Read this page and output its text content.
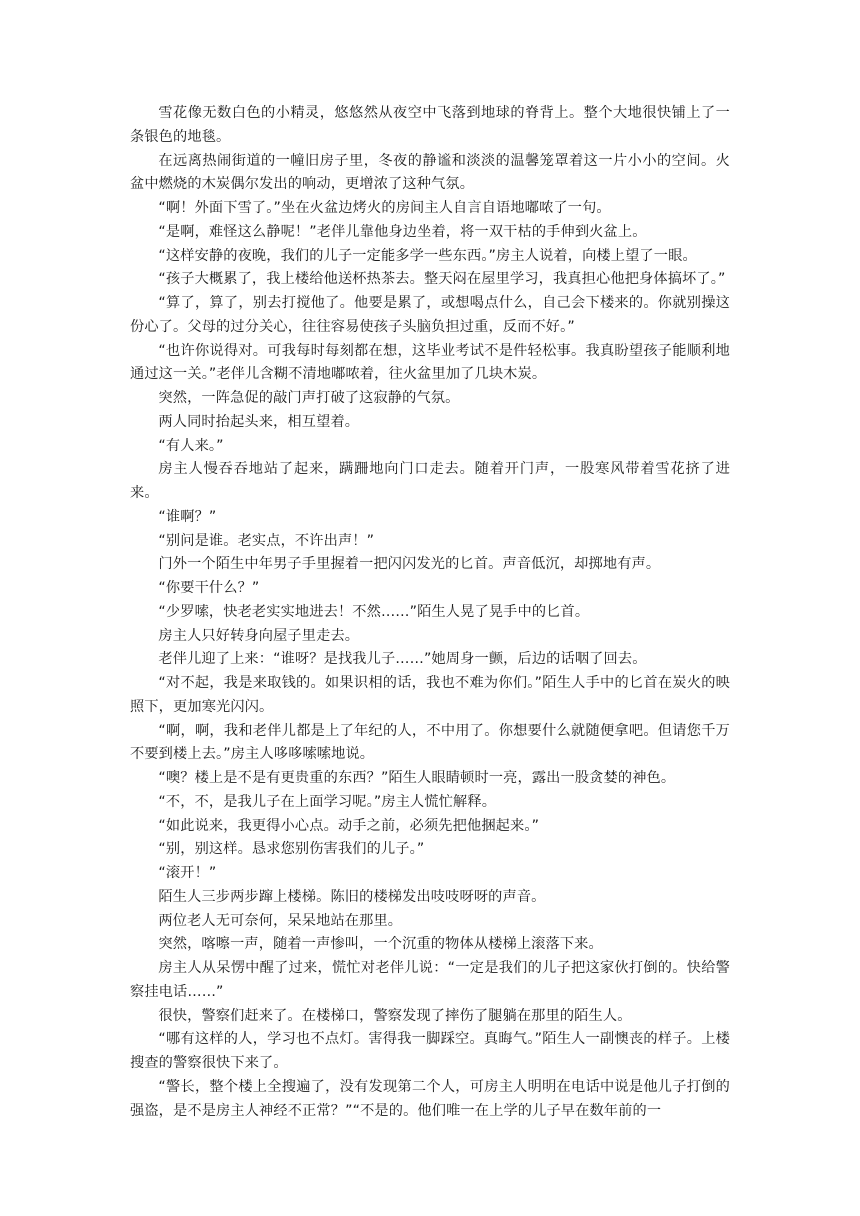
雪花像无数白色的小精灵，悠悠然从夜空中飞落到地球的脊背上。整个大地很快铺上了一条银色的地毯。

在远离热闹街道的一幢旧房子里，冬夜的静谧和淡淡的温馨笼罩着这一片小小的空间。火盆中燃烧的木炭偶尔发出的响动，更增浓了这种气氛。

“啊！外面下雪了。”坐在火盆边烤火的房间主人自言自语地嘟哝了一句。

“是啊，难怪这么静呢！”老伴儿靠他身边坐着，将一双干枯的手伸到火盆上。

“这样安静的夜晚，我们的儿子一定能多学一些东西。”房主人说着，向楼上望了一眼。

“孩子大概累了，我上楼给他送杯热茶去。整天闷在屋里学习，我真担心他把身体搞坏了。”

“算了，算了，别去打搅他了。他要是累了，或想喝点什么，自己会下楼来的。你就别操这份心了。父母的过分关心，往往容易使孩子头脑负担过重，反而不好。”

“也许你说得对。可我每时每刻都在想，这毕业考试不是件轻松事。我真盼望孩子能顺利地通过这一关。”老伴儿含糊不清地嘟哝着，往火盆里加了几块木炭。

突然，一阵急促的敲门声打破了这寂静的气氛。

两人同时抬起头来，相互望着。

“有人来。”

房主人慢吞吞地站了起来，蹒跚地向门口走去。随着开门声，一股寒风带着雪花挤了进来。

“谁啊？”

“别问是谁。老实点，不许出声！”

门外一个陌生中年男子手里握着一把闪闪发光的匕首。声音低沉，却掷地有声。

“你要干什么？”

“少罗嗦，快老老实实地进去！不然……”陌生人晃了晃手中的匕首。

房主人只好转身向屋子里走去。

老伴儿迎了上来：“谁呀？是找我儿子……”她周身一颤，后边的话咽了回去。

“对不起，我是来取钱的。如果识相的话，我也不难为你们。”陌生人手中的匕首在炭火的映照下，更加寒光闪闪。

“啊，啊，我和老伴儿都是上了年纪的人，不中用了。你想要什么就随便拿吧。但请您千万不要到楼上去。”房主人哆哆嗦嗦地说。

“噢？楼上是不是有更贵重的东西？”陌生人眼睛顿时一亮，露出一股贪婪的神色。

“不，不，是我儿子在上面学习呢。”房主人慌忙解释。

“如此说来，我更得小心点。动手之前，必须先把他捆起来。”

“别，别这样。恳求您别伤害我们的儿子。”

“滚开！”

陌生人三步两步蹿上楼梯。陈旧的楼梯发出吱吱呀呀的声音。

两位老人无可奈何，呆呆地站在那里。

突然，喀嚓一声，随着一声惨叫，一个沉重的物体从楼梯上滚落下来。

房主人从呆愣中醒了过来，慌忙对老伴儿说：“一定是我们的儿子把这家伙打倒的。快给警察挂电话……”

很快，警察们赶来了。在楼梯口，警察发现了摔伤了腿躺在那里的陌生人。

“哪有这样的人，学习也不点灯。害得我一脚踩空。真晦气。”陌生人一副懊丧的样子。上楼搜查的警察很快下来了。

“警长，整个楼上全搜遍了，没有发现第二个人，可房主人明明在电话中说是他儿子打倒的强盗，是不是房主人神经不正常？”“不是的。他们唯一在上学的儿子早在数年前的一
